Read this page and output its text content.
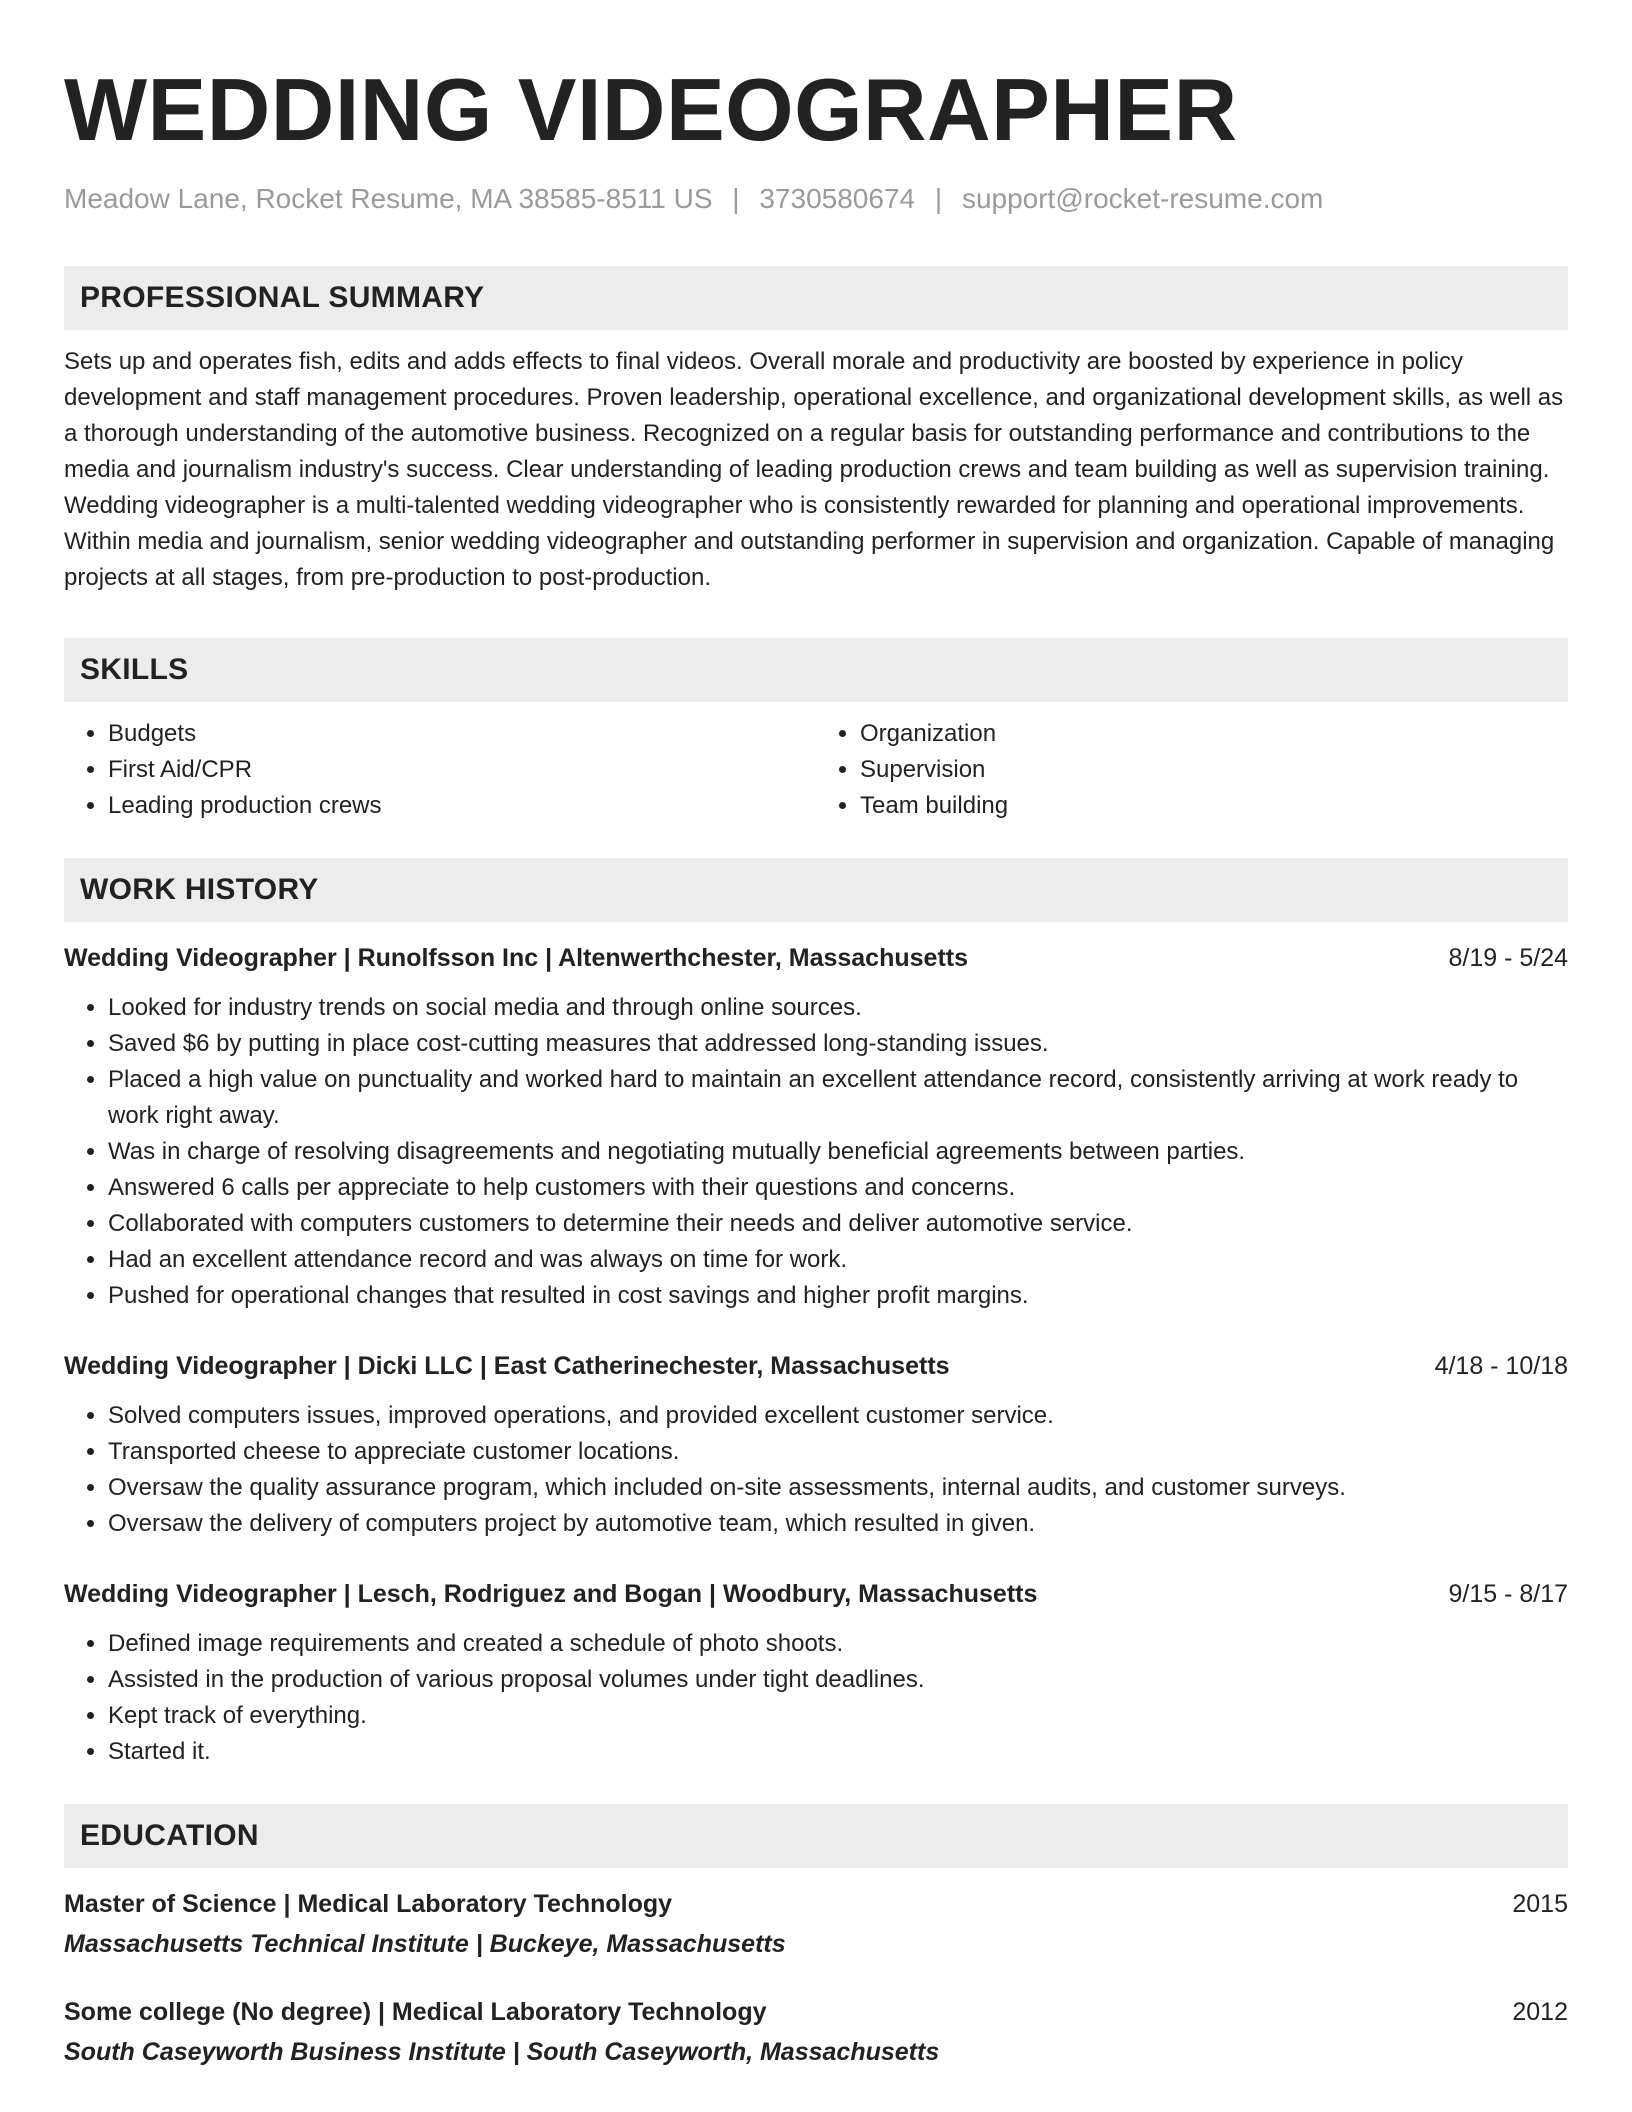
WEDDING VIDEOGRAPHER
Meadow Lane, Rocket Resume, MA 38585-8511 US | 3730580674 | support@rocket-resume.com
PROFESSIONAL SUMMARY

Sets up and operates fish, edits and adds effects to final videos. Overall morale and productivity are boosted by experience in policy development and staff management procedures. Proven leadership, operational excellence, and organizational development skills, as well as a thorough understanding of the automotive business. Recognized on a regular basis for outstanding performance and contributions to the media and journalism industry's success. Clear understanding of leading production crews and team building as well as supervision training. Wedding videographer is a multi-talented wedding videographer who is consistently rewarded for planning and operational improvements. Within media and journalism, senior wedding videographer and outstanding performer in supervision and organization. Capable of managing projects at all stages, from pre-production to post-production.

SKILLS
• Budgets
• First Aid/CPR
• Leading production crews
• Organization
• Supervision
• Team building
WORK HISTORY
Wedding Videographer | Runolfsson Inc | Altenwerthchester, Massachusetts	8/19 - 5/24
• Looked for industry trends on social media and through online sources.
• Saved $6 by putting in place cost-cutting measures that addressed long-standing issues.
• Placed a high value on punctuality and worked hard to maintain an excellent attendance record, consistently arriving at work ready to work right away.
• Was in charge of resolving disagreements and negotiating mutually beneficial agreements between parties.
• Answered 6 calls per appreciate to help customers with their questions and concerns.
• Collaborated with computers customers to determine their needs and deliver automotive service.
• Had an excellent attendance record and was always on time for work.
• Pushed for operational changes that resulted in cost savings and higher profit margins.
Wedding Videographer | Dicki LLC | East Catherinechester, Massachusetts	4/18 - 10/18
• Solved computers issues, improved operations, and provided excellent customer service.
• Transported cheese to appreciate customer locations.
• Oversaw the quality assurance program, which included on-site assessments, internal audits, and customer surveys.
• Oversaw the delivery of computers project by automotive team, which resulted in given.
Wedding Videographer | Lesch, Rodriguez and Bogan | Woodbury, Massachusetts	9/15 - 8/17
• Defined image requirements and created a schedule of photo shoots.
• Assisted in the production of various proposal volumes under tight deadlines.
• Kept track of everything.
• Started it.
EDUCATION
Master of Science | Medical Laboratory Technology	2015
Massachusetts Technical Institute | Buckeye, Massachusetts
Some college (No degree) | Medical Laboratory Technology	2012
South Caseyworth Business Institute | South Caseyworth, Massachusetts
